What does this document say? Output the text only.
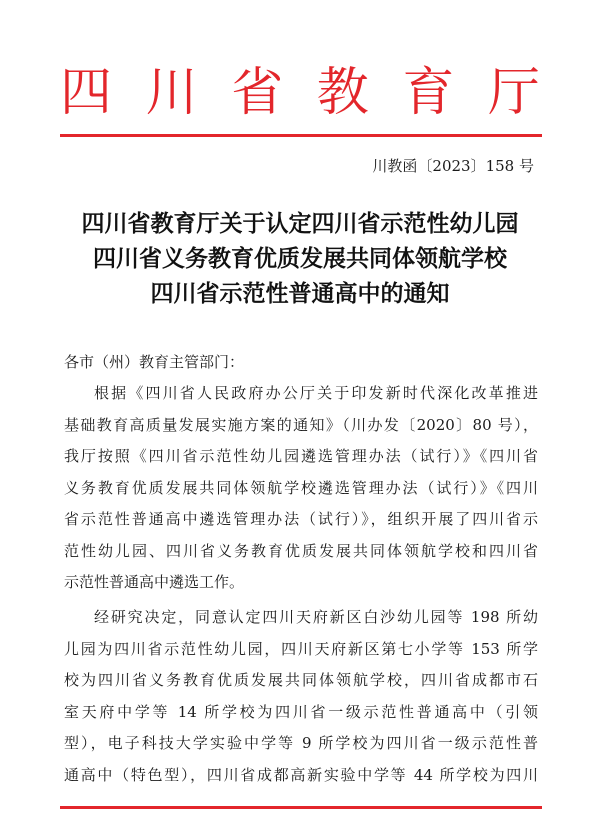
四 川 省 教 育 厅
川教函〔2023〕158 号
四川省教育厅关于认定四川省示范性幼儿园
四川省义务教育优质发展共同体领航学校
四川省示范性普通高中的通知
各市（州）教育主管部门：
根据《四川省人民政府办公厅关于印发新时代深化改革推进
基础教育高质量发展实施方案的通知》（川办发〔2020〕80 号），
我厅按照《四川省示范性幼儿园遴选管理办法（试行）》《四川省
义务教育优质发展共同体领航学校遴选管理办法（试行）》《四川
省示范性普通高中遴选管理办法（试行）》，组织开展了四川省示
范性幼儿园、四川省义务教育优质发展共同体领航学校和四川省
示范性普通高中遴选工作。
经研究决定，同意认定四川天府新区白沙幼儿园等 198 所幼
儿园为四川省示范性幼儿园，四川天府新区第七小学等 153 所学
校为四川省义务教育优质发展共同体领航学校，四川省成都市石
室天府中学等 14 所学校为四川省一级示范性普通高中（引领
型），电子科技大学实验中学等 9 所学校为四川省一级示范性普
通高中（特色型），四川省成都高新实验中学等 44 所学校为四川
